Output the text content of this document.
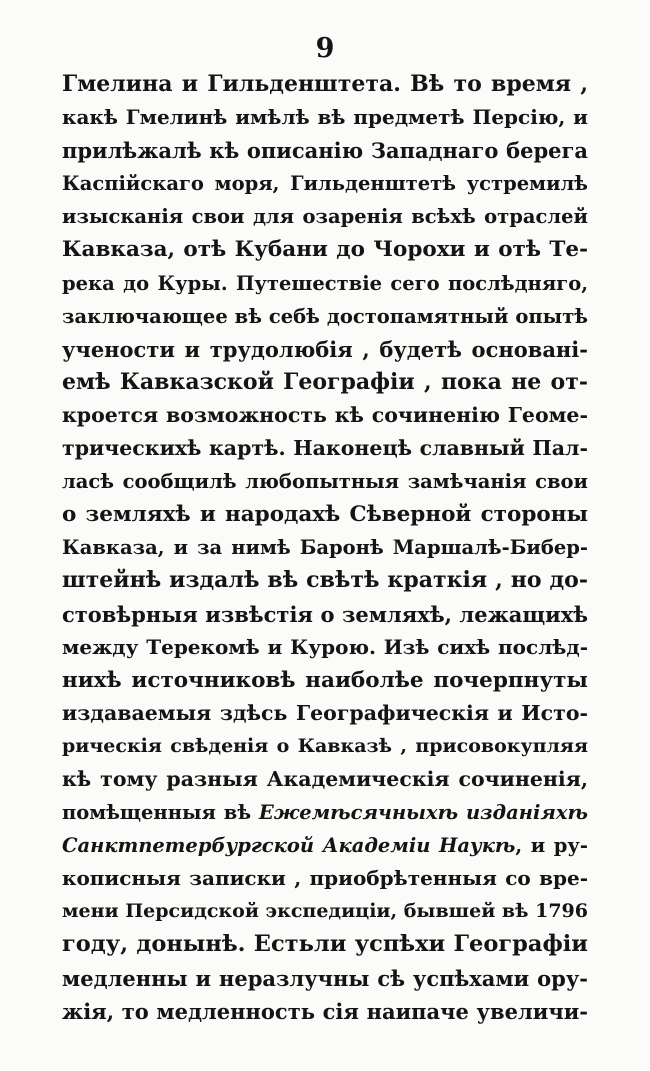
9
Гмелина и Гильденштета. Вѣ то время ,
какѣ Гмелинѣ имѣлѣ вѣ предметѣ Персію, и
прилѣжалѣ кѣ описанію Западнаго берега
Каспійскаго моря, Гильденштетѣ устремилѣ
изысканія свои для озаренія всѣхѣ отраслей
Кавказа, отѣ Кубани до Чорохи и отѣ Те-
река до Куры. Путешествіе сего послѣдняго,
заключающее вѣ себѣ достопамятный опытѣ
учености и трудолюбія , будетѣ основані-
емѣ Кавказской Географіи , пока не от-
кроется возможность кѣ сочиненію Геоме-
трическихѣ картѣ. Наконецѣ славный Пал-
ласѣ сообщилѣ любопытныя замѣчанія свои
о земляхѣ и народахѣ Сѣверной стороны
Кавказа, и за нимѣ Баронѣ Маршалѣ-Бибер-
штейнѣ издалѣ вѣ свѣтѣ краткія , но до-
стовѣрныя извѣстія о земляхѣ, лежащихѣ
между Терекомѣ и Курою. Изѣ сихѣ послѣд-
нихѣ источниковѣ наиболѣе почерпнуты
издаваемыя здѣсь Географическія и Исто-
рическія свѣденія о Кавказѣ , присовокупляя
кѣ тому разныя Академическія сочиненія,
помѣщенныя вѣ Ежемѣсячныхѣ изданіяхѣ
Санктпетербургской Академіи Наукѣ, и ру-
кописныя записки , приобрѣтенныя со вре-
мени Персидской экспедиціи, бывшей вѣ 1796
году, донынѣ. Естьли успѣхи Географіи
медленны и неразлучны сѣ успѣхами ору-
жія, то медленность сія наипаче увеличи-
